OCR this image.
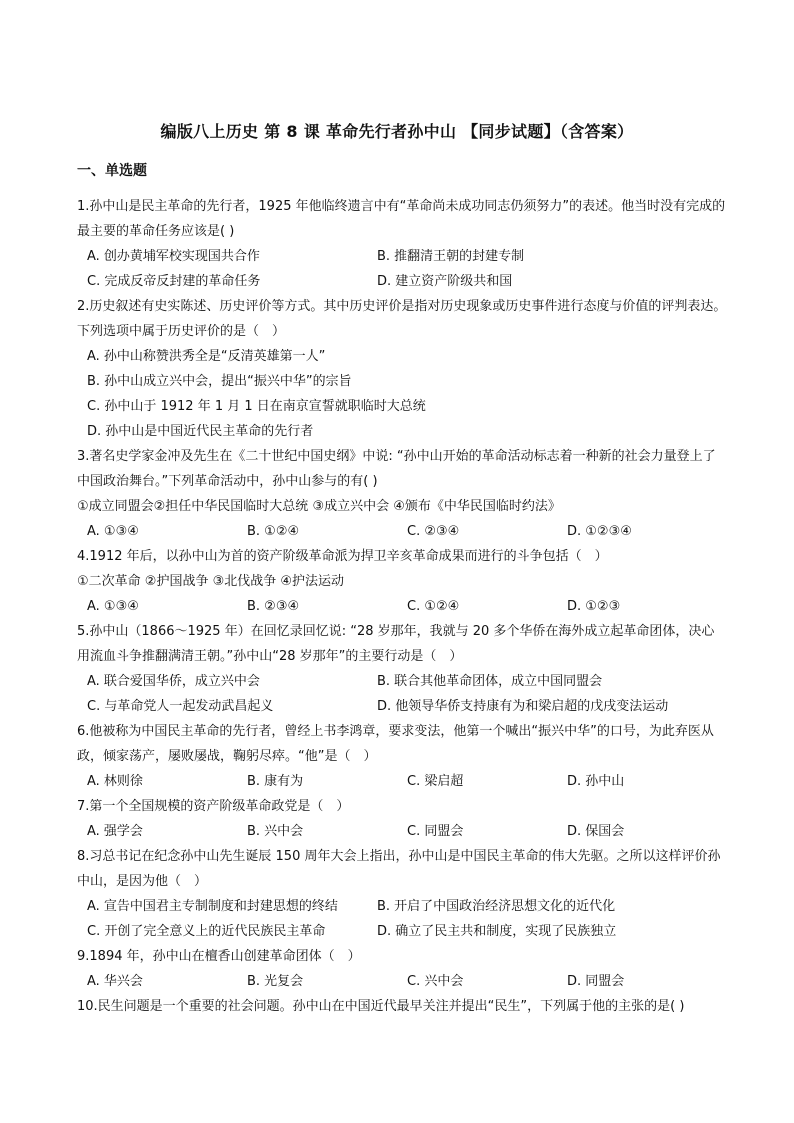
编版八上历史 第 8 课 革命先行者孙中山 【同步试题】（含答案）
一、单选题

1.孙中山是民主革命的先行者，1925 年他临终遗言中有“革命尚未成功同志仍须努力”的表述。他当时没有完成的最主要的革命任务应该是( )

A. 创办黄埔军校实现国共合作	B. 推翻清王朝的封建专制
C. 完成反帝反封建的革命任务	D. 建立资产阶级共和国

2.历史叙述有史实陈述、历史评价等方式。其中历史评价是指对历史现象或历史事件进行态度与价值的评判表达。下列选项中属于历史评价的是（　）

A. 孙中山称赞洪秀全是“反清英雄第一人”
B. 孙中山成立兴中会，提出“振兴中华”的宗旨
C. 孙中山于 1912 年 1 月 1 日在南京宣誓就职临时大总统
D. 孙中山是中国近代民主革命的先行者

3.著名史学家金冲及先生在《二十世纪中国史纲》中说: “孙中山开始的革命活动标志着一种新的社会力量登上了中国政治舞台。”下列革命活动中，孙中山参与的有( )

①成立同盟会②担任中华民国临时大总统 ③成立兴中会 ④颁布《中华民国临时约法》

A. ①③④	B. ①②④	C. ②③④	D. ①②③④

4.1912 年后，以孙中山为首的资产阶级革命派为捍卫辛亥革命成果而进行的斗争包括（　）

①二次革命 ②护国战争 ③北伐战争 ④护法运动

A. ①③④	B. ②③④	C. ①②④	D. ①②③

5.孙中山（1866～1925 年）在回忆录回忆说: “28 岁那年，我就与 20 多个华侨在海外成立起革命团体，决心用流血斗争推翻满清王朝。”孙中山“28 岁那年”的主要行动是（　）

A. 联合爱国华侨，成立兴中会	B. 联合其他革命团体，成立中国同盟会
C. 与革命党人一起发动武昌起义	D. 他领导华侨支持康有为和梁启超的戊戌变法运动

6.他被称为中国民主革命的先行者，曾经上书李鸿章，要求变法，他第一个喊出“振兴中华”的口号，为此弃医从政，倾家荡产，屡败屡战，鞠躬尽瘁。“他”是（　）

A. 林则徐	B. 康有为	C. 梁启超	D. 孙中山

7.第一个全国规模的资产阶级革命政党是（　）

A. 强学会	B. 兴中会	C. 同盟会	D. 保国会

8.习总书记在纪念孙中山先生诞辰 150 周年大会上指出，孙中山是中国民主革命的伟大先驱。之所以这样评价孙中山，是因为他（　）

A. 宣告中国君主专制制度和封建思想的终结	B. 开启了中国政治经济思想文化的近代化
C. 开创了完全意义上的近代民族民主革命	D. 确立了民主共和制度，实现了民族独立

9.1894 年，孙中山在檀香山创建革命团体（　）

A. 华兴会	B. 光复会	C. 兴中会	D. 同盟会

10.民生问题是一个重要的社会问题。孙中山在中国近代最早关注并提出“民生”，下列属于他的主张的是( )
